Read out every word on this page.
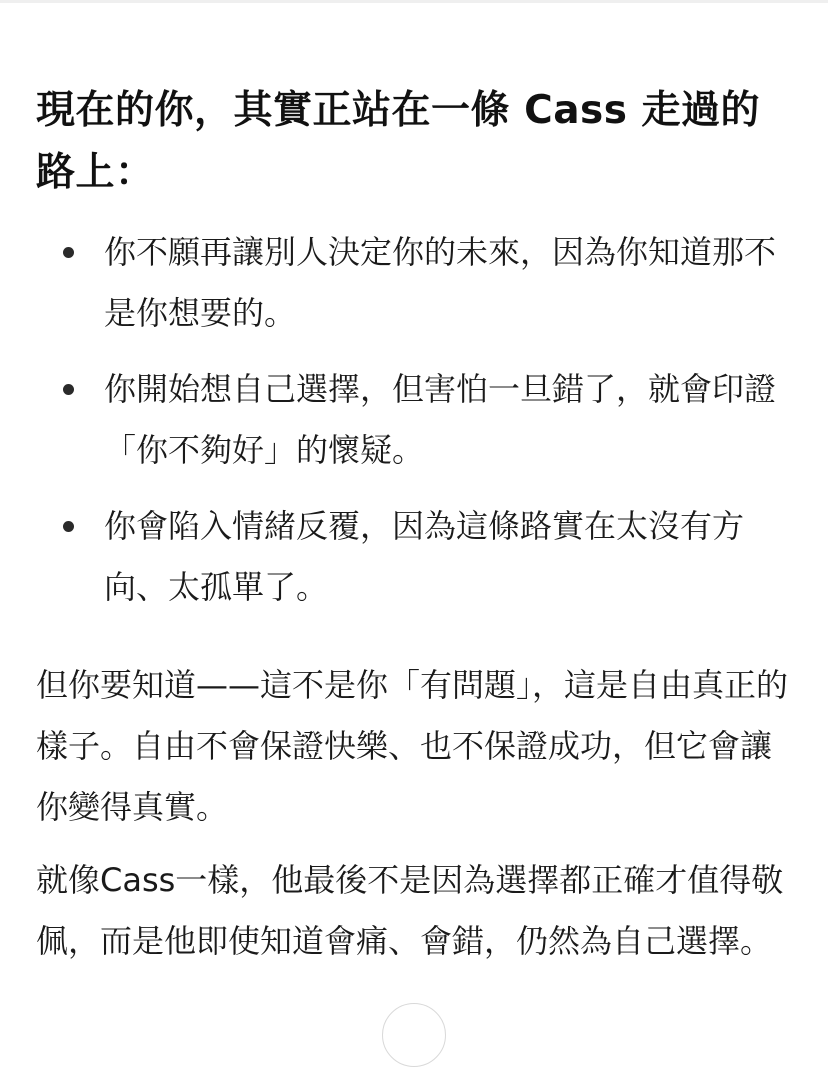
現在的你，其實正站在一條 Cass 走過的路上：
你不願再讓別人決定你的未來，因為你知道那不是你想要的。
你開始想自己選擇，但害怕一旦錯了，就會印證「你不夠好」的懷疑。
你會陷入情緒反覆，因為這條路實在太沒有方向、太孤單了。

但你要知道——這不是你「有問題」，這是自由真正的樣子。自由不會保證快樂、也不保證成功，但它會讓你變得真實。

就像Cass一樣，他最後不是因為選擇都正確才值得敬佩，而是他即使知道會痛、會錯，仍然為自己選擇。
